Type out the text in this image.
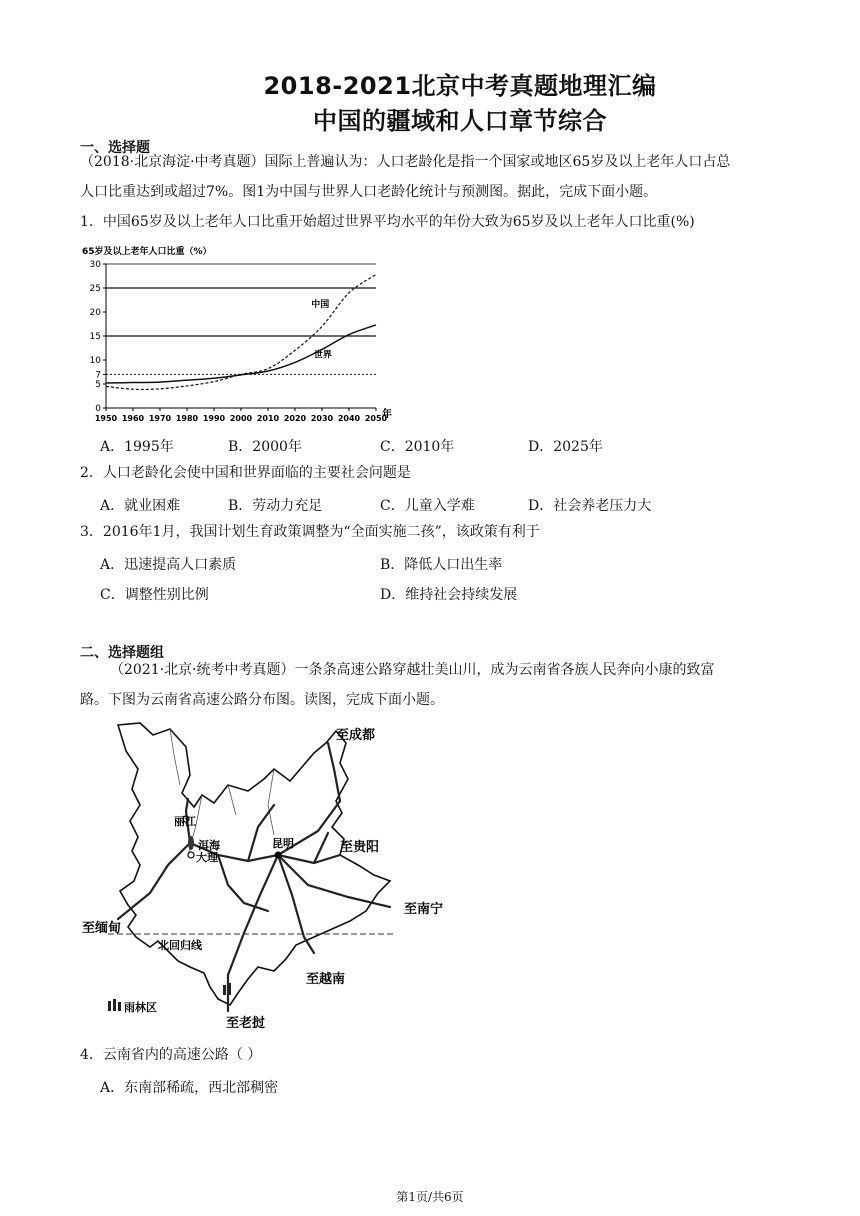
2018-2021北京中考真题地理汇编
中国的疆域和人口章节综合
一、选择题
（2018·北京海淀·中考真题）国际上普遍认为：人口老龄化是指一个国家或地区65岁及以上老年人口占总
人口比重达到或超过7%。图1为中国与世界人口老龄化统计与预测图。据此，完成下面小题。
1．中国65岁及以上老年人口比重开始超过世界平均水平的年份大致为65岁及以上老年人口比重(%)
65岁及以上老年人口比重（%）
0
5
7
10
15
20
25
30
1950 1960 1970 1980 1990 2000 2010 2020 2030 2040 2050
中国
世界
年
A．1995年	B．2000年	C．2010年	D．2025年
2．人口老龄化会使中国和世界面临的主要社会问题是
A．就业困难	B．劳动力充足	C．儿童入学难	D．社会养老压力大
3．2016年1月，我国计划生育政策调整为“全面实施二孩”，该政策有利于
A．迅速提高人口素质	B．降低人口出生率
C．调整性别比例	D．维持社会持续发展
二、选择题组
（2021·北京·统考中考真题）一条条高速公路穿越壮美山川，成为云南省各族人民奔向小康的致富
路。下图为云南省高速公路分布图。读图，完成下面小题。
至成都
丽江
洱海
大理
昆明	至贵阳
至南宁
至缅甸
北回归线
至越南
雨林区
至老挝
4．云南省内的高速公路（ ）
A．东南部稀疏，西北部稠密
第1页/共6页
